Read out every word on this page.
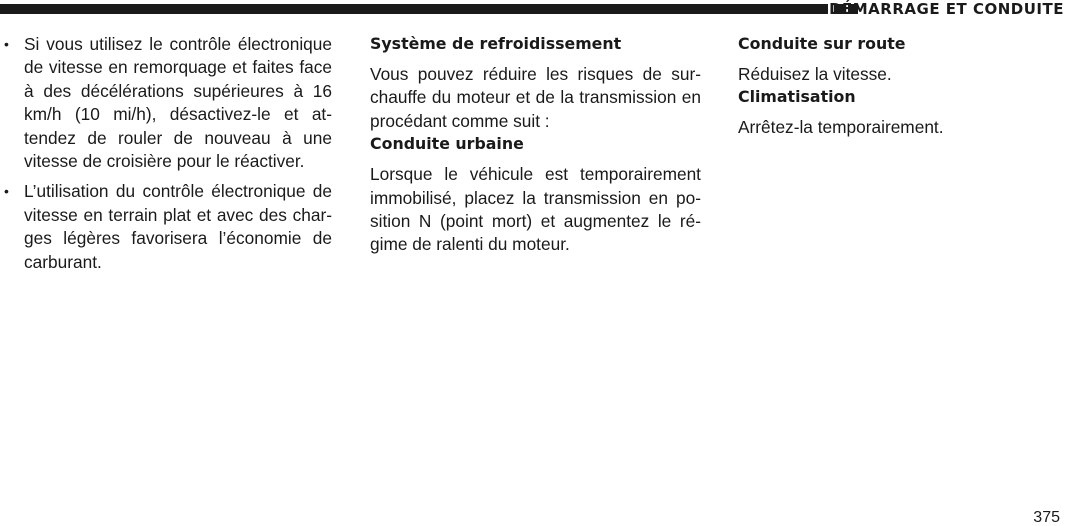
DÉMARRAGE ET CONDUITE
• Si vous utilisez le contrôle électronique de vitesse en remorquage et faites face à des décélérations supérieures à 16 km/h (10 mi/h), désactivez-le et at-tendez de rouler de nouveau à une vitesse de croisière pour le réactiver.

• L’utilisation du contrôle électronique de vitesse en terrain plat et avec des char-ges légères favorisera l’économie de carburant.

Système de refroidissement

Vous pouvez réduire les risques de sur-chauffe du moteur et de la transmission en procédant comme suit :

Conduite urbaine

Lorsque le véhicule est temporairement immobilisé, placez la transmission en po-sition N (point mort) et augmentez le ré-gime de ralenti du moteur.

Conduite sur route

Réduisez la vitesse.

Climatisation

Arrêtez-la temporairement.

375
